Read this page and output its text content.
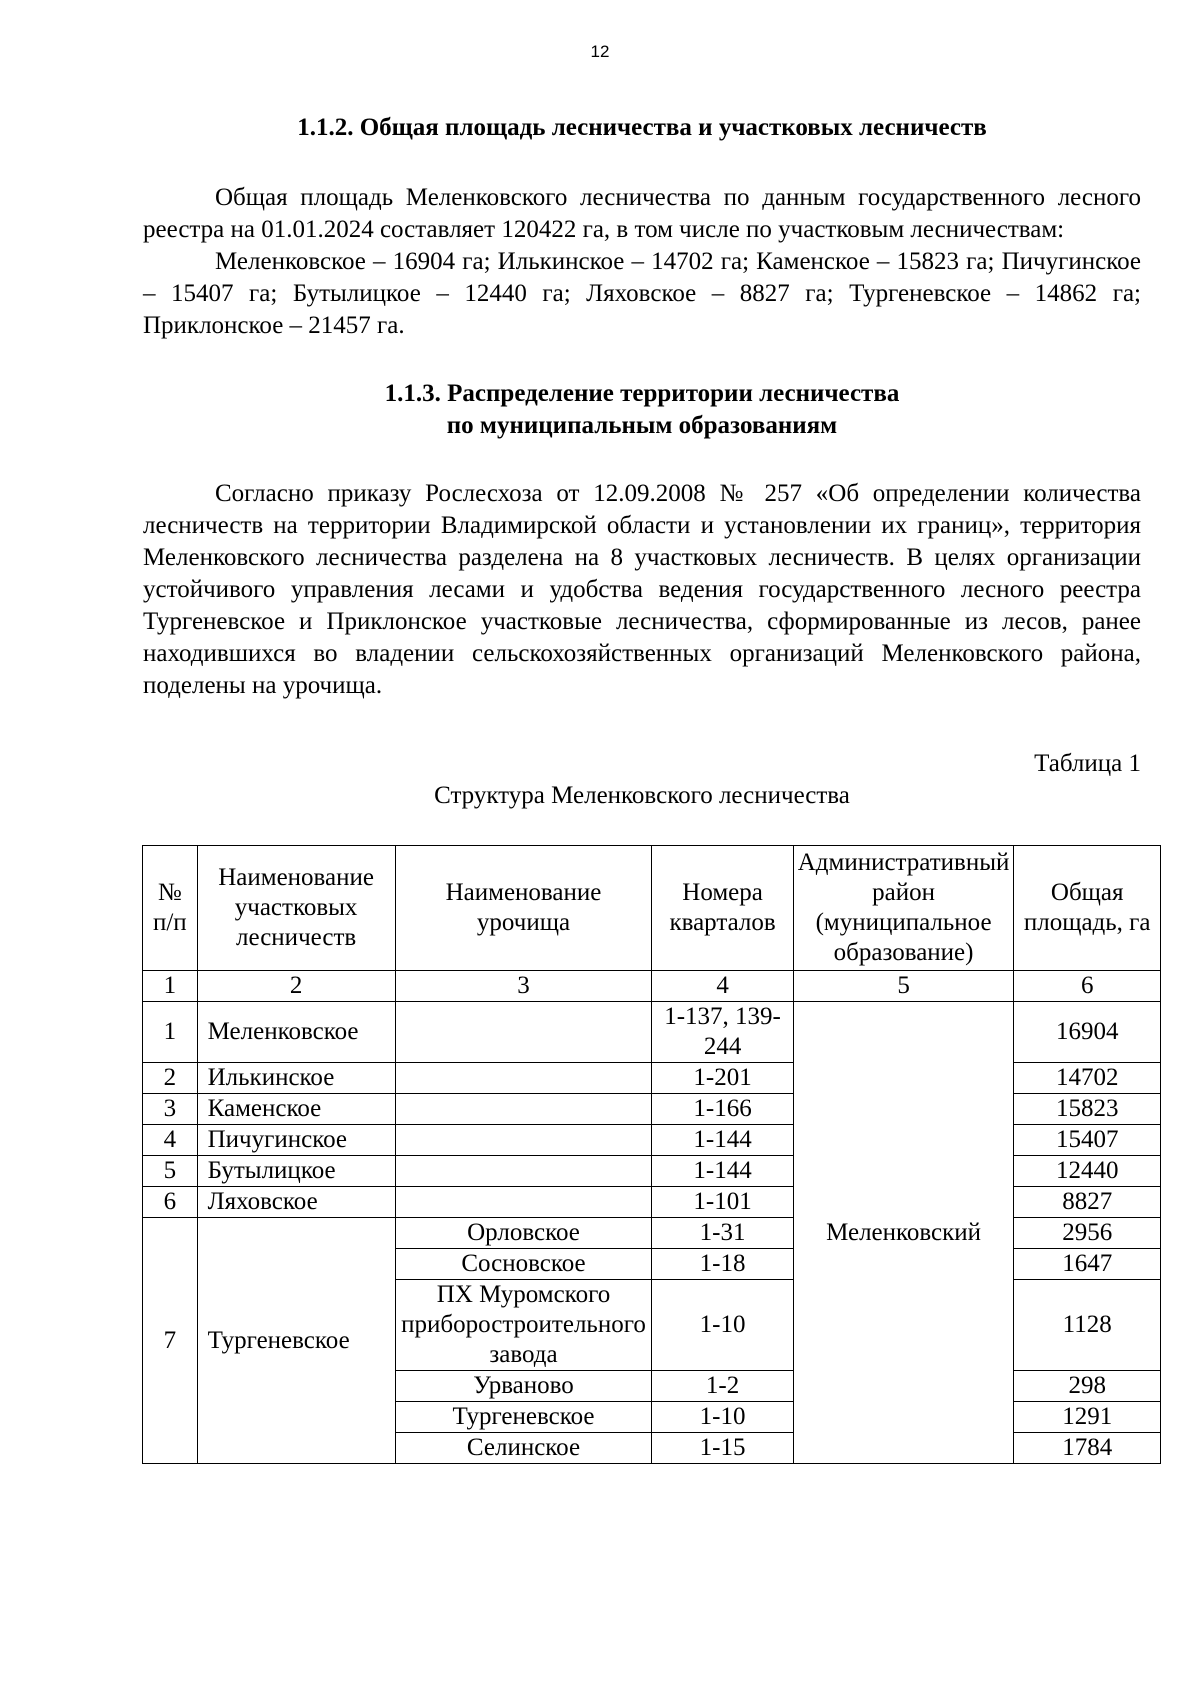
12
1.1.2. Общая площадь лесничества и участковых лесничеств

Общая площадь Меленковского лесничества по данным государственного лесного реестра на 01.01.2024 составляет 120422 га, в том числе по участковым лесничествам:

Меленковское – 16904 га; Илькинское – 14702 га; Каменское – 15823 га; Пичугинское – 15407 га; Бутылицкое – 12440 га; Ляховское – 8827 га; Тургеневское – 14862 га; Приклонское – 21457 га.

1.1.3. Распределение территории лесничества
по муниципальным образованиям

Согласно приказу Рослесхоза от 12.09.2008 № 257 «Об определении количества лесничеств на территории Владимирской области и установлении их границ», территория Меленковского лесничества разделена на 8 участковых лесничеств. В целях организации устойчивого управления лесами и удобства ведения государственного лесного реестра Тургеневское и Приклонское участковые лесничества, сформированные из лесов, ранее находившихся во владении сельскохозяйственных организаций Меленковского района, поделены на урочища.

Таблица 1
Структура Меленковского лесничества
№ п/п	Наименование участковых лесничеств	Наименование урочища	Номера кварталов	Административный район (муниципальное образование)	Общая площадь, га
1	2	3	4	5	6
1	Меленковское		1-137, 139-244	Меленковский	16904
2	Илькинское		1-201		14702
3	Каменское		1-166		15823
4	Пичугинское		1-144		15407
5	Бутылицкое		1-144		12440
6	Ляховское		1-101		8827
7	Тургеневское	Орловское	1-31		2956
		Сосновское	1-18		1647
		ПХ Муромского приборостроительного завода	1-10		1128
		Урваново	1-2		298
		Тургеневское	1-10		1291
		Селинское	1-15		1784
